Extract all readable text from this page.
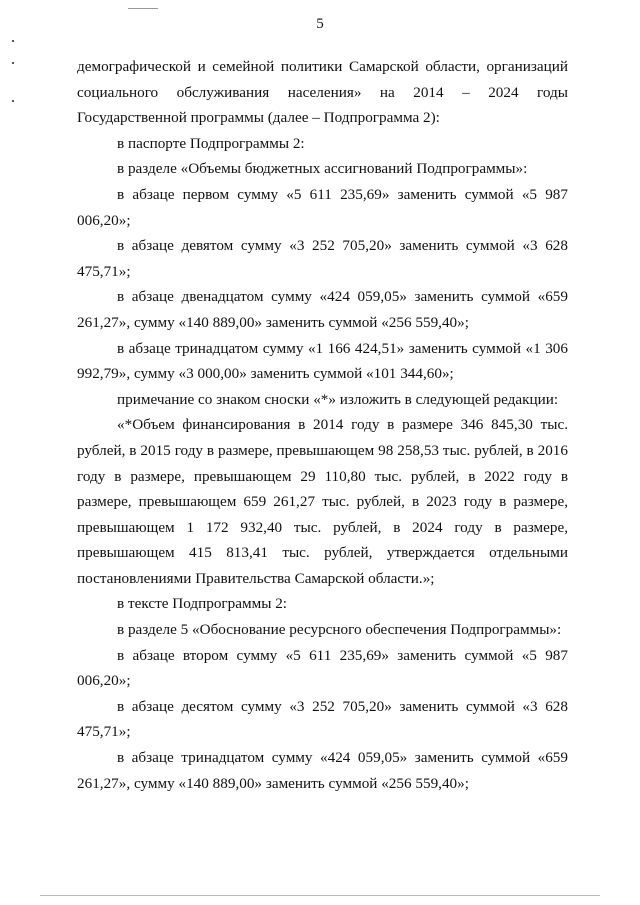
5

демографической и семейной политики Самарской области, организаций социального обслуживания населения» на 2014 – 2024 годы Государственной программы (далее – Подпрограмма 2):

в паспорте Подпрограммы 2:

в разделе «Объемы бюджетных ассигнований Подпрограммы»:

в абзаце первом сумму «5 611 235,69» заменить суммой «5 987 006,20»;

в абзаце девятом сумму «3 252 705,20» заменить суммой «3 628 475,71»;

в абзаце двенадцатом сумму «424 059,05» заменить суммой «659 261,27», сумму «140 889,00» заменить суммой «256 559,40»;

в абзаце тринадцатом сумму «1 166 424,51» заменить суммой «1 306 992,79», сумму «3 000,00» заменить суммой «101 344,60»;

примечание со знаком сноски «*» изложить в следующей редакции:

«*Объем финансирования в 2014 году в размере 346 845,30 тыс. рублей, в 2015 году в размере, превышающем 98 258,53 тыс. рублей, в 2016 году в размере, превышающем 29 110,80 тыс. рублей, в 2022 году в размере, превышающем 659 261,27 тыс. рублей, в 2023 году в размере, превышающем 1 172 932,40 тыс. рублей, в 2024 году в размере, превышающем 415 813,41 тыс. рублей, утверждается отдельными постановлениями Правительства Самарской области.»;

в тексте Подпрограммы 2:

в разделе 5 «Обоснование ресурсного обеспечения Подпрограммы»:

в абзаце втором сумму «5 611 235,69» заменить суммой «5 987 006,20»;

в абзаце десятом сумму «3 252 705,20» заменить суммой «3 628 475,71»;

в абзаце тринадцатом сумму «424 059,05» заменить суммой «659 261,27», сумму «140 889,00» заменить суммой «256 559,40»;
